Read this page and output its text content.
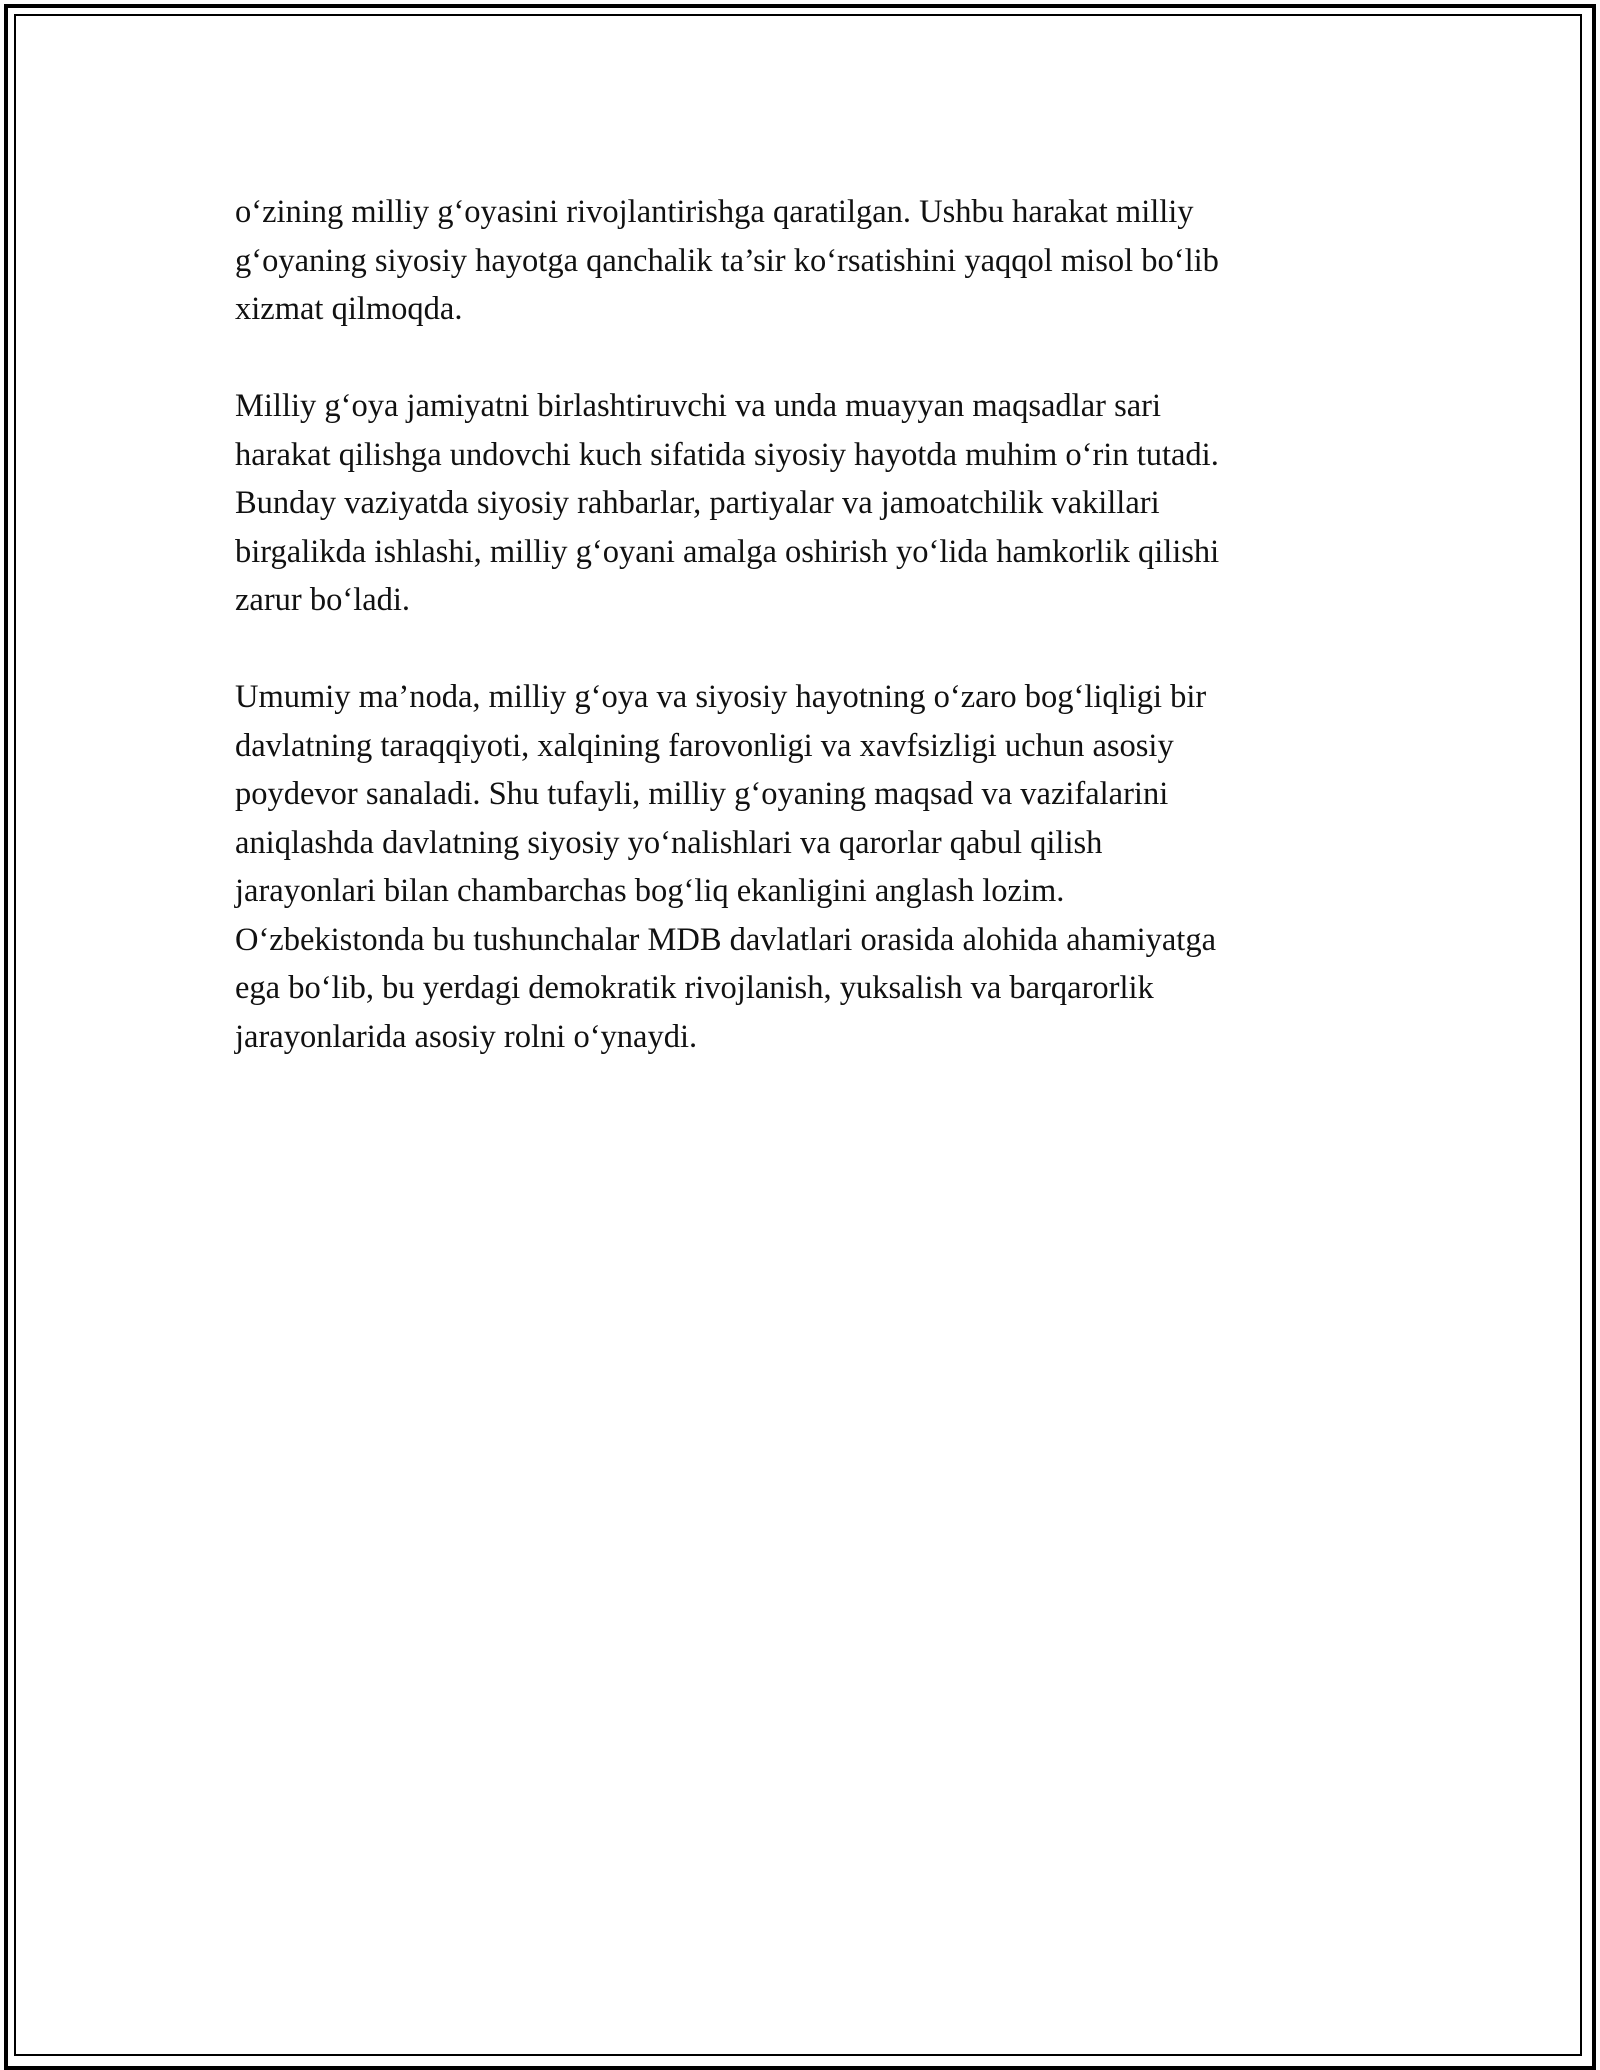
o‘zining milliy g‘oyasini rivojlantirishga qaratilgan. Ushbu harakat milliy
g‘oyaning siyosiy hayotga qanchalik ta’sir ko‘rsatishini yaqqol misol bo‘lib
xizmat qilmoqda.

Milliy g‘oya jamiyatni birlashtiruvchi va unda muayyan maqsadlar sari
harakat qilishga undovchi kuch sifatida siyosiy hayotda muhim o‘rin tutadi.
Bunday vaziyatda siyosiy rahbarlar, partiyalar va jamoatchilik vakillari
birgalikda ishlashi, milliy g‘oyani amalga oshirish yo‘lida hamkorlik qilishi
zarur bo‘ladi.

Umumiy ma’noda, milliy g‘oya va siyosiy hayotning o‘zaro bog‘liqligi bir
davlatning taraqqiyoti, xalqining farovonligi va xavfsizligi uchun asosiy
poydevor sanaladi. Shu tufayli, milliy g‘oyaning maqsad va vazifalarini
aniqlashda davlatning siyosiy yo‘nalishlari va qarorlar qabul qilish
jarayonlari bilan chambarchas bog‘liq ekanligini anglash lozim.
O‘zbekistonda bu tushunchalar MDB davlatlari orasida alohida ahamiyatga
ega bo‘lib, bu yerdagi demokratik rivojlanish, yuksalish va barqarorlik
jarayonlarida asosiy rolni o‘ynaydi.
